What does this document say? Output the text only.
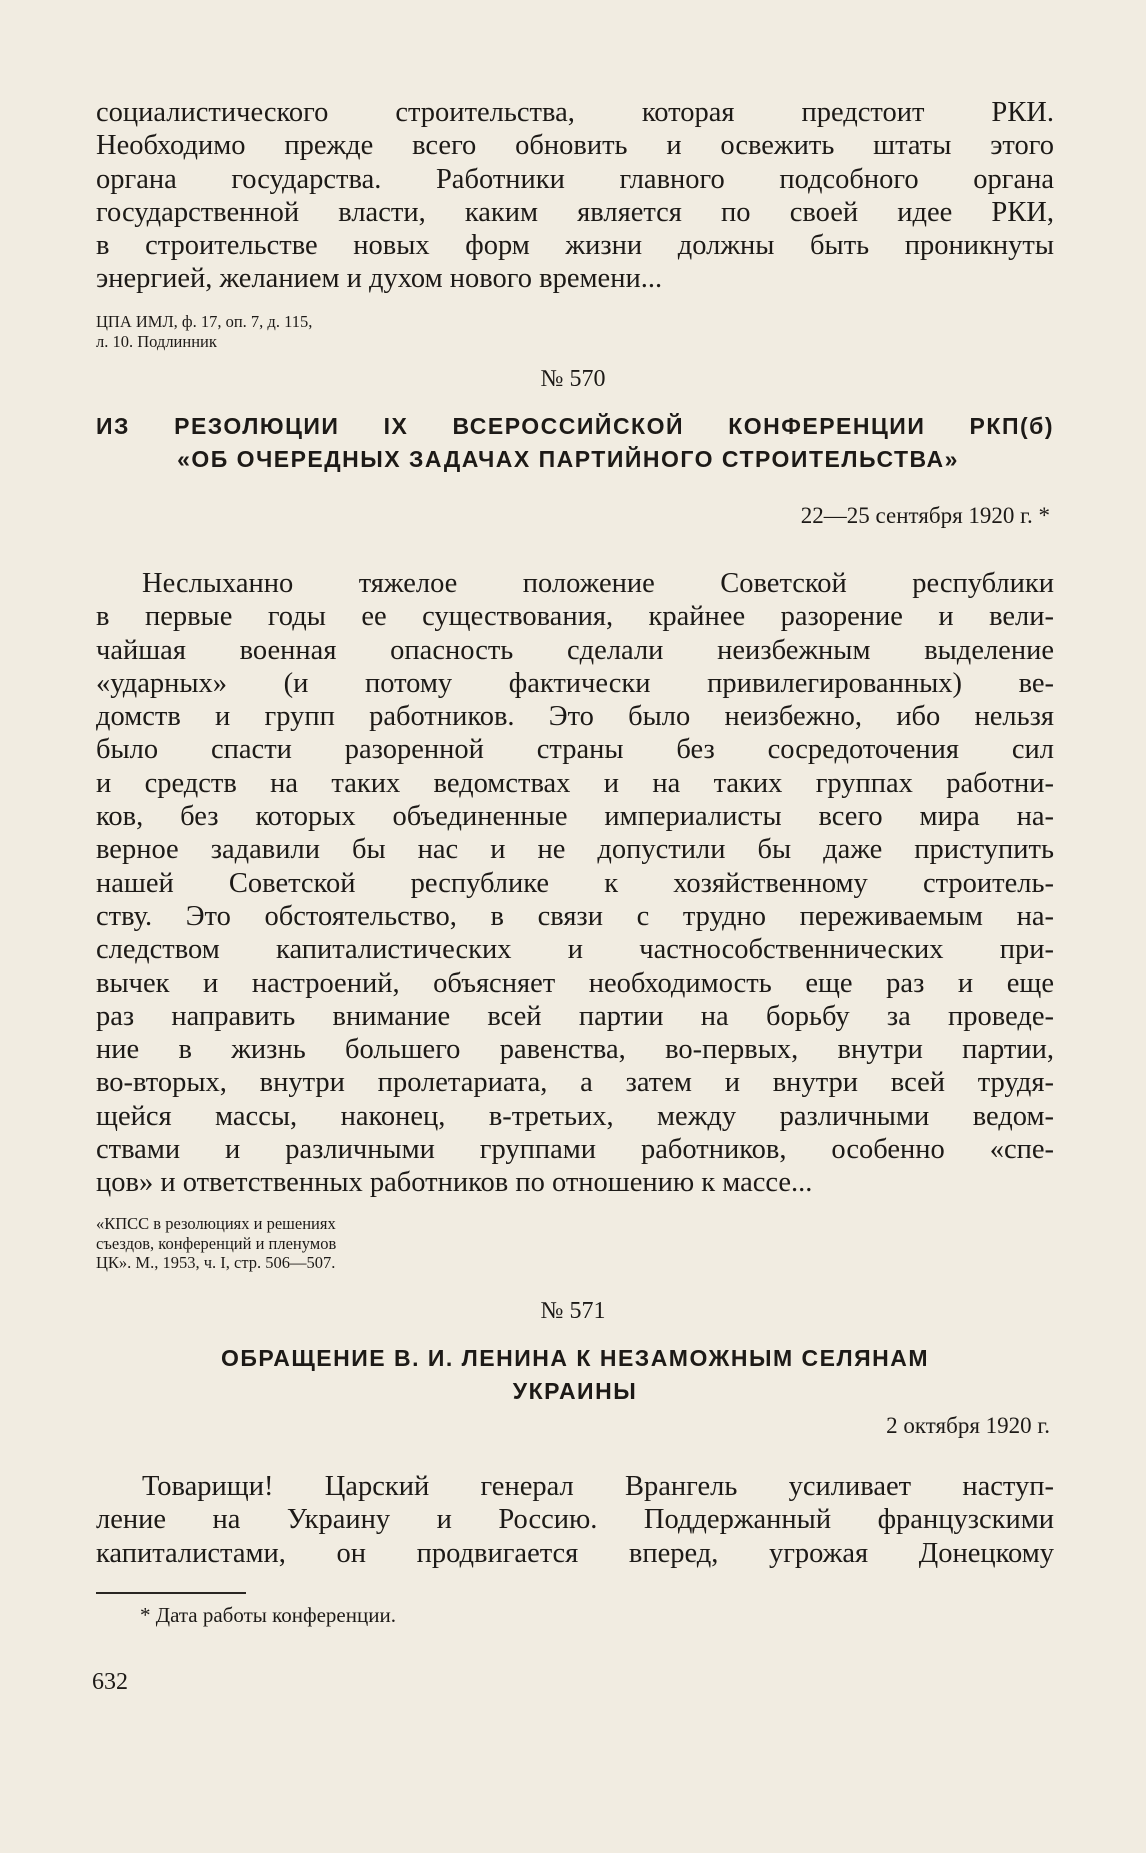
социалистического строительства, которая предстоит РКИ.
Необходимо прежде всего обновить и освежить штаты этого
органа государства. Работники главного подсобного органа
государственной власти, каким является по своей идее РКИ,
в строительстве новых форм жизни должны быть проникнуты
энергией, желанием и духом нового времени...
ЦПА ИМЛ, ф. 17, оп. 7, д. 115,
л. 10. Подлинник
№ 570
ИЗ РЕЗОЛЮЦИИ IX ВСЕРОССИЙСКОЙ КОНФЕРЕНЦИИ РКП(б)
«ОБ ОЧЕРЕДНЫХ ЗАДАЧАХ ПАРТИЙНОГО СТРОИТЕЛЬСТВА»
22—25 сентября 1920 г. *
Неслыханно тяжелое положение Советской республики
в первые годы ее существования, крайнее разорение и вели-
чайшая военная опасность сделали неизбежным выделение
«ударных» (и потому фактически привилегированных) ве-
домств и групп работников. Это было неизбежно, ибо нельзя
было спасти разоренной страны без сосредоточения сил
и средств на таких ведомствах и на таких группах работни-
ков, без которых объединенные империалисты всего мира на-
верное задавили бы нас и не допустили бы даже приступить
нашей Советской республике к хозяйственному строитель-
ству. Это обстоятельство, в связи с трудно переживаемым на-
следством капиталистических и частнособственнических при-
вычек и настроений, объясняет необходимость еще раз и еще
раз направить внимание всей партии на борьбу за проведе-
ние в жизнь большего равенства, во-первых, внутри партии,
во-вторых, внутри пролетариата, а затем и внутри всей трудя-
щейся массы, наконец, в-третьих, между различными ведом-
ствами и различными группами работников, особенно «спе-
цов» и ответственных работников по отношению к массе...
«КПСС в резолюциях и решениях
съездов, конференций и пленумов
ЦК». М., 1953, ч. I, стр. 506—507.
№ 571
ОБРАЩЕНИЕ В. И. ЛЕНИНА К НЕЗАМОЖНЫМ СЕЛЯНАМ
УКРАИНЫ
2 октября 1920 г.
Товарищи! Царский генерал Врангель усиливает наступ-
ление на Украину и Россию. Поддержанный французскими
капиталистами, он продвигается вперед, угрожая Донецкому
* Дата работы конференции.
632
